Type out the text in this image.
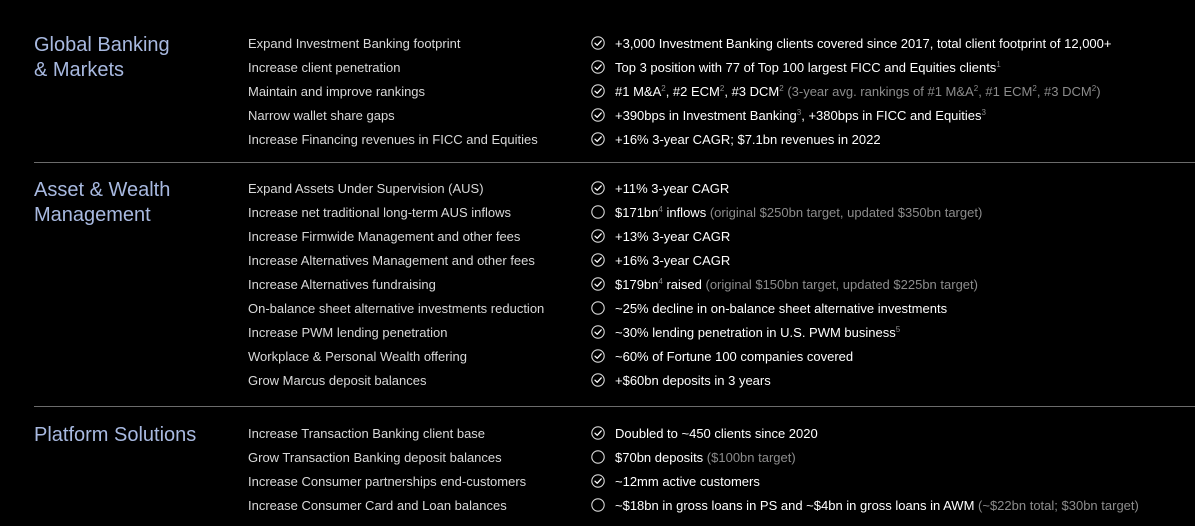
Global Banking
& Markets
Expand Investment Banking footprint	+3,000 Investment Banking clients covered since 2017, total client footprint of 12,000+
Increase client penetration	Top 3 position with 77 of Top 100 largest FICC and Equities clients$^1$
Maintain and improve rankings	#1 $M\&A^2$, #2 ECM$^2$, #3 DCM$^2$ (3-year avg. rankings of #1 $M\&A^2$, #1 ECM$^2$, #3 DCM$^2$)
Narrow wallet share gaps	+390bps in Investment Banking$^3$, +380bps in FICC and Equities$^3$
Increase Financing revenues in FICC and Equities	+16% 3-year CAGR; $7.1bn revenues in 2022
Asset & Wealth
Management
Expand Assets Under Supervision (AUS)	+11% 3-year CAGR
Increase net traditional long-term AUS inflows	$\$171bn^4$ inflows (original $250bn target, updated $350bn target)
Increase Firmwide Management and other fees	+13% 3-year CAGR
Increase Alternatives Management and other fees	+16% 3-year CAGR
Increase Alternatives fundraising	$\$179bn^4$ raised (original $150bn target, updated $225bn target)
On-balance sheet alternative investments reduction	~25% decline in on-balance sheet alternative investments
Increase PWM lending penetration	~30% lending penetration in U.S. PWM business$^5$
Workplace & Personal Wealth offering	~60% of Fortune 100 companies covered
Grow Marcus deposit balances	+$60bn deposits in 3 years
Platform Solutions	Increase Transaction Banking client base	Doubled to ~450 clients since 2020
Grow Transaction Banking deposit balances	$70bn deposits ($100bn target)
Increase Consumer partnerships end-customers	~12mm active customers
Increase Consumer Card and Loan balances	~$18bn in gross loans in PS and ~$4bn in gross loans in AWM (~$22bn total; $30bn target)
